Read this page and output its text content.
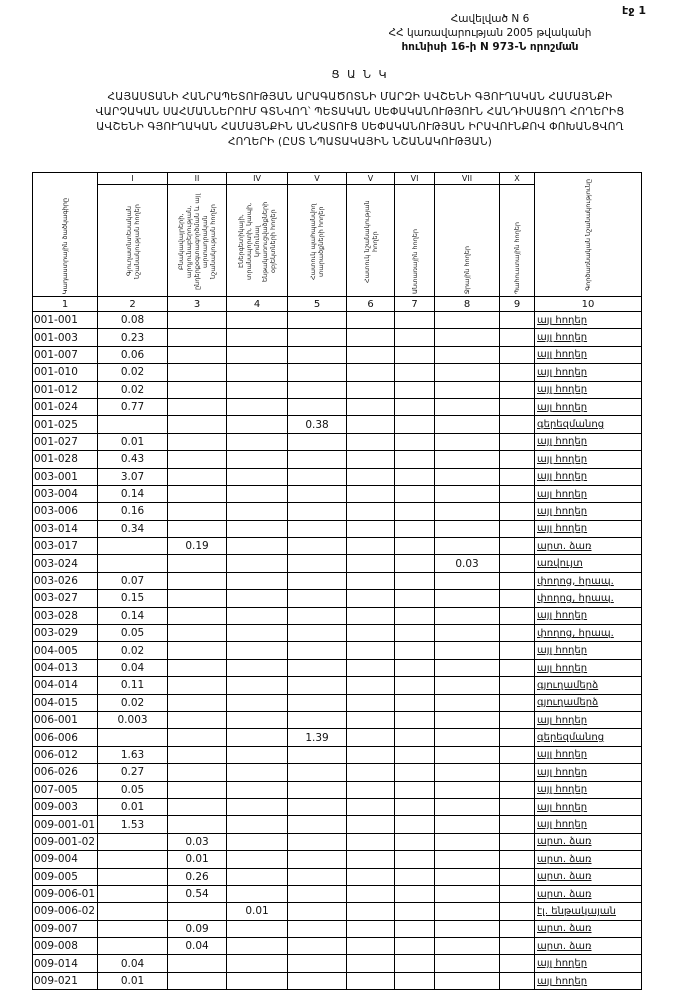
էջ 1
Հավելված N 6
ՀՀ կառավարության 2005 թվականի
հունիսի 16-ի N 973-Ն որոշման
Ց Ա Ն Կ
ՀԱՅԱՍՏԱՆԻ ՀԱՆՐԱՊԵՏՈՒԹՅԱՆ ԱՐԱԳԱԾՈՏՆԻ ՄԱՐԶԻ ԱՎՇԵՆԻ ԳՅՈՒՂԱԿԱՆ ՀԱՄԱՅՆՔԻ ՎԱՐՉԱԿԱՆ ՍԱՀՄԱՆՆԵՐՈՒՄ ԳՏՆՎՈՂ՝ ՊԵՏԱԿԱՆ ՍԵՓԱԿԱՆՈՒԹՅՈՒՆ ՀԱՆԴԻՍԱՑՈՂ ՀՈՂԵՐԻՑ ԱՎՇԵՆԻ ԳՅՈՒՂԱԿԱՆ ՀԱՄԱՅՆՔԻՆ ԱՆՀԱՏՈՒՑ ՍԵՓԱԿԱՆՈՒԹՅԱՆ ԻՐԱՎՈՒՆՔՈՎ ՓՈԽԱՆՑՎՈՂ ՀՈՂԵՐԻ (ԸՍՏ ՆՊԱՏԱԿԱՅԻՆ ՆՇԱՆԱԿՈՒԹՅԱՆ)
Կադաստրային ծածկագիրը	I	II	IV	V	V	VI	VII	X	Գործառնական նշանակությունը

	Գյուղատնտեսական նշանակության հողեր	Բնակավայրերի, արդյունաբերության, ընդերքօգտագործման և այլ արտադրական նշանակության հողեր	Էներգետիկայի, տրանսպորտի, կապի, կոմունալ ենթակառուցվածքների օբյեկտների հողեր	Հատուկ պահպանվող տարածքների հողեր	Հատուկ նշանակության հողեր	Անտառային հողեր	Ջրային հողեր	Պահուստային հողեր	

1	2	3	4	5	6	7	8	9	10
001-001	0.08								այլ հողեր
001-003	0.23								այլ հողեր
001-007	0.06								այլ հողեր
001-010	0.02								այլ հողեր
001-012	0.02								այլ հողեր
001-024	0.77								այլ հողեր
001-025				0.38					գերեզմանոց
001-027	0.01								այլ հողեր
001-028	0.43								այլ հողեր
003-001	3.07								այլ հողեր
003-004	0.14								այլ հողեր
003-006	0.16								այլ հողեր
003-014	0.34								այլ հողեր
003-017		0.19							արտ. ձառ
003-024							0.03		առվույտ
003-026	0.07								փողոց, հրապ.
003-027	0.15								փողոց, հրապ.
003-028	0.14								այլ հողեր
003-029	0.05								փողոց, հրապ.
004-005	0.02								այլ հողեր
004-013	0.04								այլ հողեր
004-014	0.11								գյուղամերձ
004-015	0.02								գյուղամերձ
006-001	0.003								այլ հողեր
006-006				1.39					գերեզմանոց
006-012	1.63								այլ հողեր
006-026	0.27								այլ հողեր
007-005	0.05								այլ հողեր
009-003	0.01								այլ հողեր
009-001-01	1.53								այլ հողեր
009-001-02		0.03							արտ. ձառ
009-004		0.01							արտ. ձառ
009-005		0.26							արտ. ձառ
009-006-01		0.54							արտ. ձառ
009-006-02			0.01						էլ. ենթակայան
009-007		0.09							արտ. ձառ
009-008		0.04							արտ. ձառ
009-014	0.04								այլ հողեր
009-021	0.01								այլ հողեր
